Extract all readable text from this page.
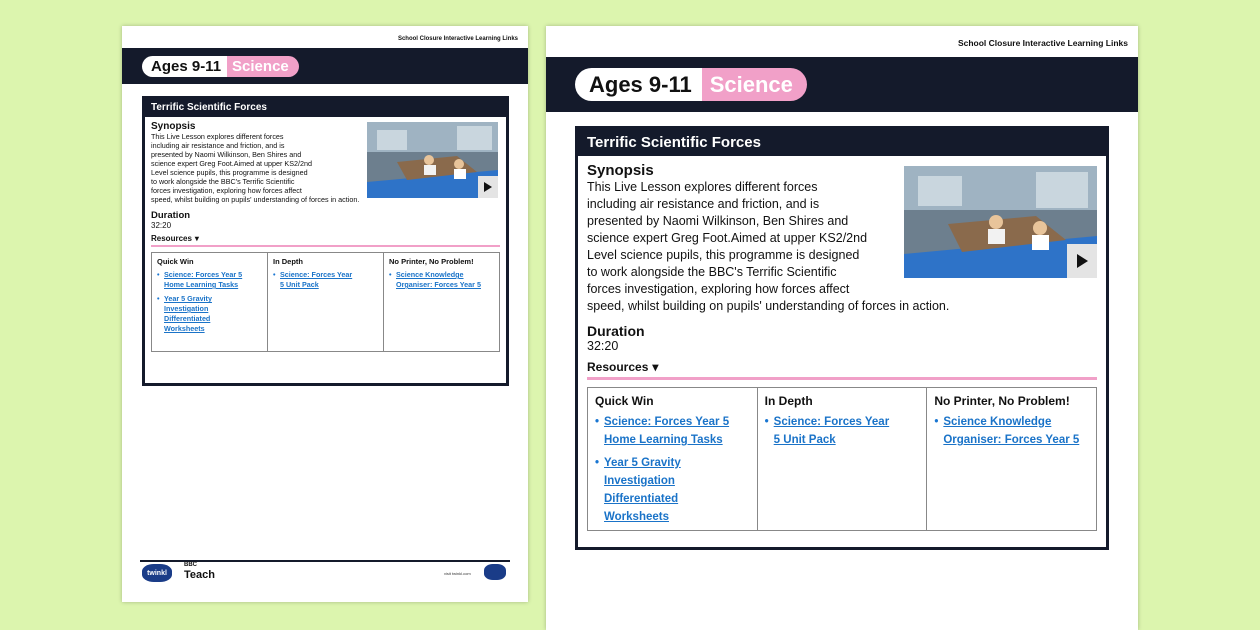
School Closure Interactive Learning Links
Ages 9-11 Science
Terrific Scientific Forces
Synopsis
This Live Lesson explores different forces
including air resistance and friction, and is
presented by Naomi Wilkinson, Ben Shires and
science expert Greg Foot.Aimed at upper KS2/2nd
Level science pupils, this programme is designed
to work alongside the BBC's Terrific Scientific
forces investigation, exploring how forces affect
speed, whilst building on pupils' understanding of forces in action.
Duration
32:20
Resources ▾
Quick Win
• Science: Forces Year 5
Home Learning Tasks
• Year 5 Gravity
Investigation
Differentiated
Worksheets
In Depth
• Science: Forces Year
5 Unit Pack
No Printer, No Problem!
• Science Knowledge
Organiser: Forces Year 5
twinkl
BBC
Teach	visit twinkl.com
School Closure Interactive Learning Links
Ages 9-11 Science
Terrific Scientific Forces
Synopsis
This Live Lesson explores different forces
including air resistance and friction, and is
presented by Naomi Wilkinson, Ben Shires and
science expert Greg Foot.Aimed at upper KS2/2nd
Level science pupils, this programme is designed
to work alongside the BBC's Terrific Scientific
forces investigation, exploring how forces affect
speed, whilst building on pupils' understanding of forces in action.
Duration
32:20
Resources ▾
Quick Win
• Science: Forces Year 5
Home Learning Tasks
• Year 5 Gravity
Investigation
Differentiated
Worksheets
In Depth
• Science: Forces Year
5 Unit Pack
No Printer, No Problem!
• Science Knowledge
Organiser: Forces Year 5
